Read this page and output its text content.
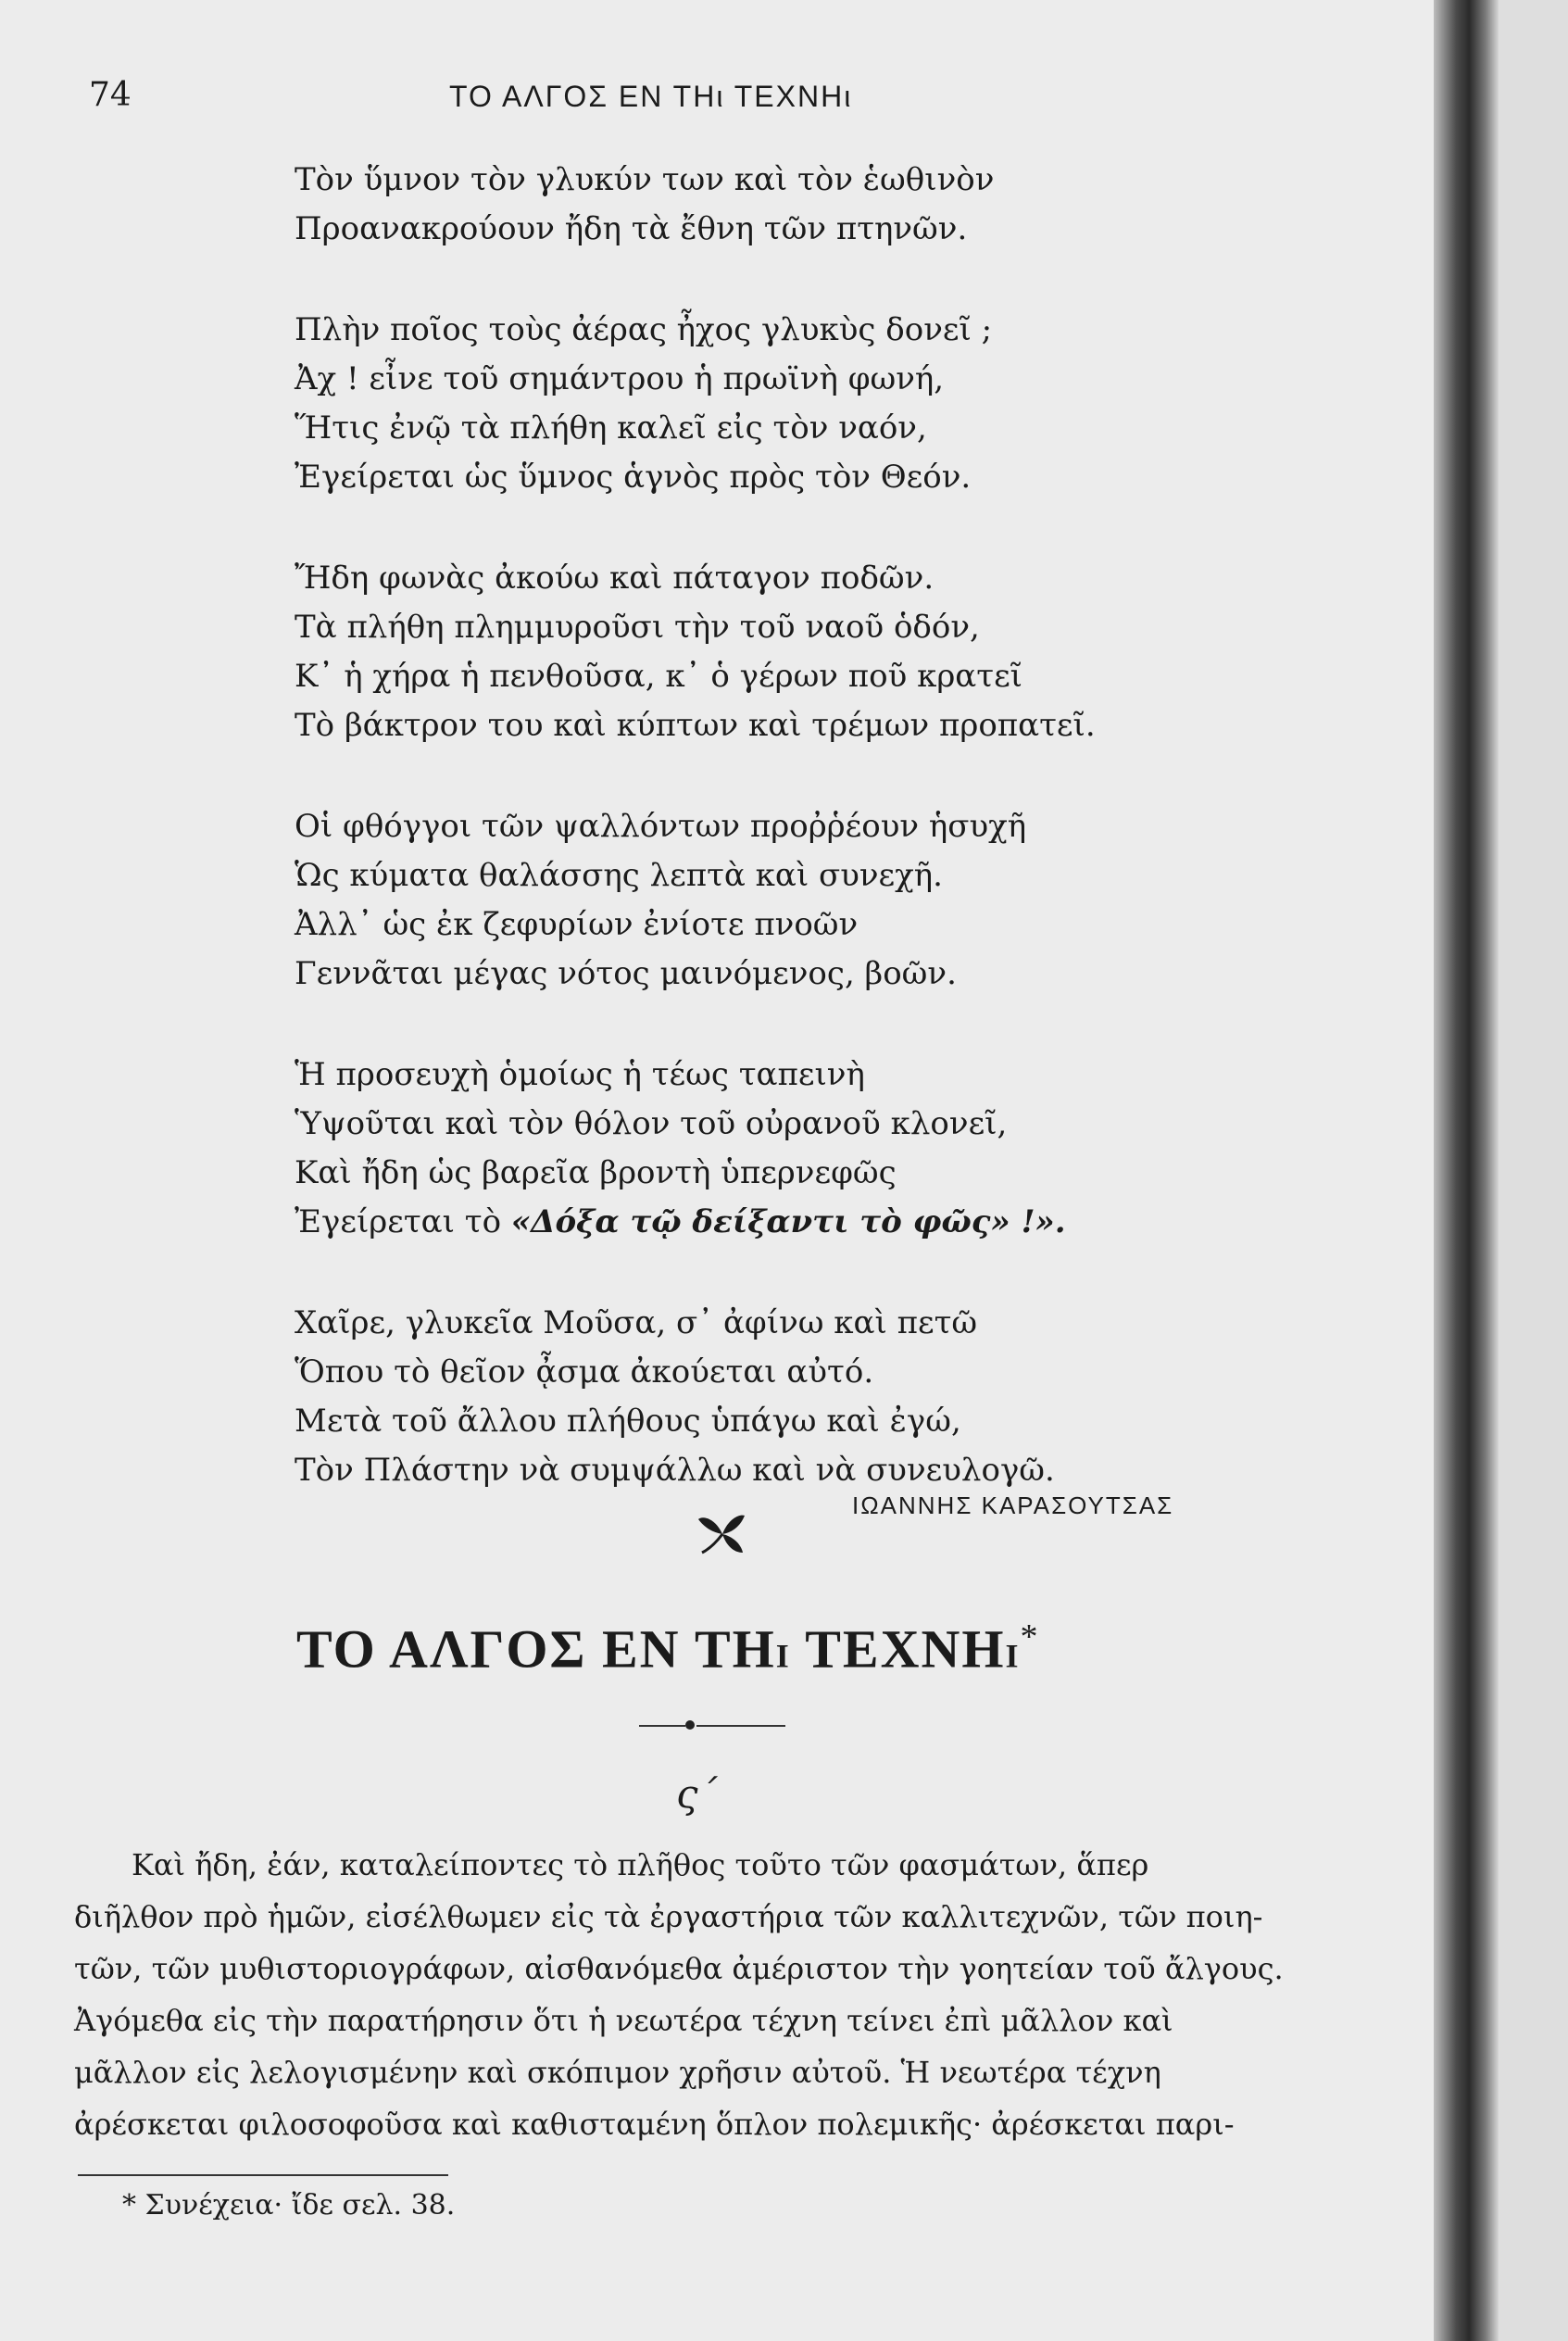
74	ΤΟ ΑΛΓΟΣ ΕΝ ΤΗι ΤΕΧΝΗι
Τὸν ὕμνον τὸν γλυκύν των καὶ τὸν ἑωθινὸν
Προανακρούουν ἤδη τὰ ἔθνη τῶν πτηνῶν.
Πλὴν ποῖος τοὺς ἀέρας ἦχος γλυκὺς δονεῖ ;
Ἀχ ! εἶνε τοῦ σημάντρου ἡ πρωϊνὴ φωνή,
Ἥτις ἐνῷ τὰ πλήθη καλεῖ εἰς τὸν ναόν,
Ἐγείρεται ὡς ὕμνος ἁγνὸς πρὸς τὸν Θεόν.
Ἤδη φωνὰς ἀκούω καὶ πάταγον ποδῶν.
Τὰ πλήθη πλημμυροῦσι τὴν τοῦ ναοῦ ὁδόν,
Κ᾽ ἡ χήρα ἡ πενθοῦσα, κ᾽ ὁ γέρων ποῦ κρατεῖ
Τὸ βάκτρον του καὶ κύπτων καὶ τρέμων προπατεῖ.
Οἱ φθόγγοι τῶν ψαλλόντων προῤῥέουν ἡσυχῆ
Ὡς κύματα θαλάσσης λεπτὰ καὶ συνεχῆ.
Ἀλλ᾽ ὡς ἐκ ζεφυρίων ἐνίοτε πνοῶν
Γεννᾶται μέγας νότος μαινόμενος, βοῶν.
Ἡ προσευχὴ ὁμοίως ἡ τέως ταπεινὴ
Ὑψοῦται καὶ τὸν θόλον τοῦ οὐρανοῦ κλονεῖ,
Καὶ ἤδη ὡς βαρεῖα βροντὴ ὑπερνεφῶς
Ἐγείρεται τὸ «Δόξα τῷ δείξαντι τὸ φῶς» !».
Χαῖρε, γλυκεῖα Μοῦσα, σ᾽ ἀφίνω καὶ πετῶ
Ὅπου τὸ θεῖον ᾆσμα ἀκούεται αὐτό.
Μετὰ τοῦ ἄλλου πλήθους ὑπάγω καὶ ἐγώ,
Τὸν Πλάστην νὰ συμψάλλω καὶ νὰ συνευλογῶ.
ΙΩΑΝΝΗΣ ΚΑΡΑΣΟΥΤΣΑΣ
ΤΟ ΑΛΓΟΣ ΕΝ ΤΗΙ ΤΕΧΝΗΙ*
ς΄
Καὶ ἤδη, ἐάν, καταλείποντες τὸ πλῆθος τοῦτο τῶν φασμάτων, ἅπερ
διῆλθον πρὸ ἡμῶν, εἰσέλθωμεν εἰς τὰ ἐργαστήρια τῶν καλλιτεχνῶν, τῶν ποιη-
τῶν, τῶν μυθιστοριογράφων, αἰσθανόμεθα ἀμέριστον τὴν γοητείαν τοῦ ἄλγους.
Ἀγόμεθα εἰς τὴν παρατήρησιν ὅτι ἡ νεωτέρα τέχνη τείνει ἐπὶ μᾶλλον καὶ
μᾶλλον εἰς λελογισμένην καὶ σκόπιμον χρῆσιν αὐτοῦ. Ἡ νεωτέρα τέχνη
ἀρέσκεται φιλοσοφοῦσα καὶ καθισταμένη ὅπλον πολεμικῆς· ἀρέσκεται παρι-
* Συνέχεια· ἴδε σελ. 38.
